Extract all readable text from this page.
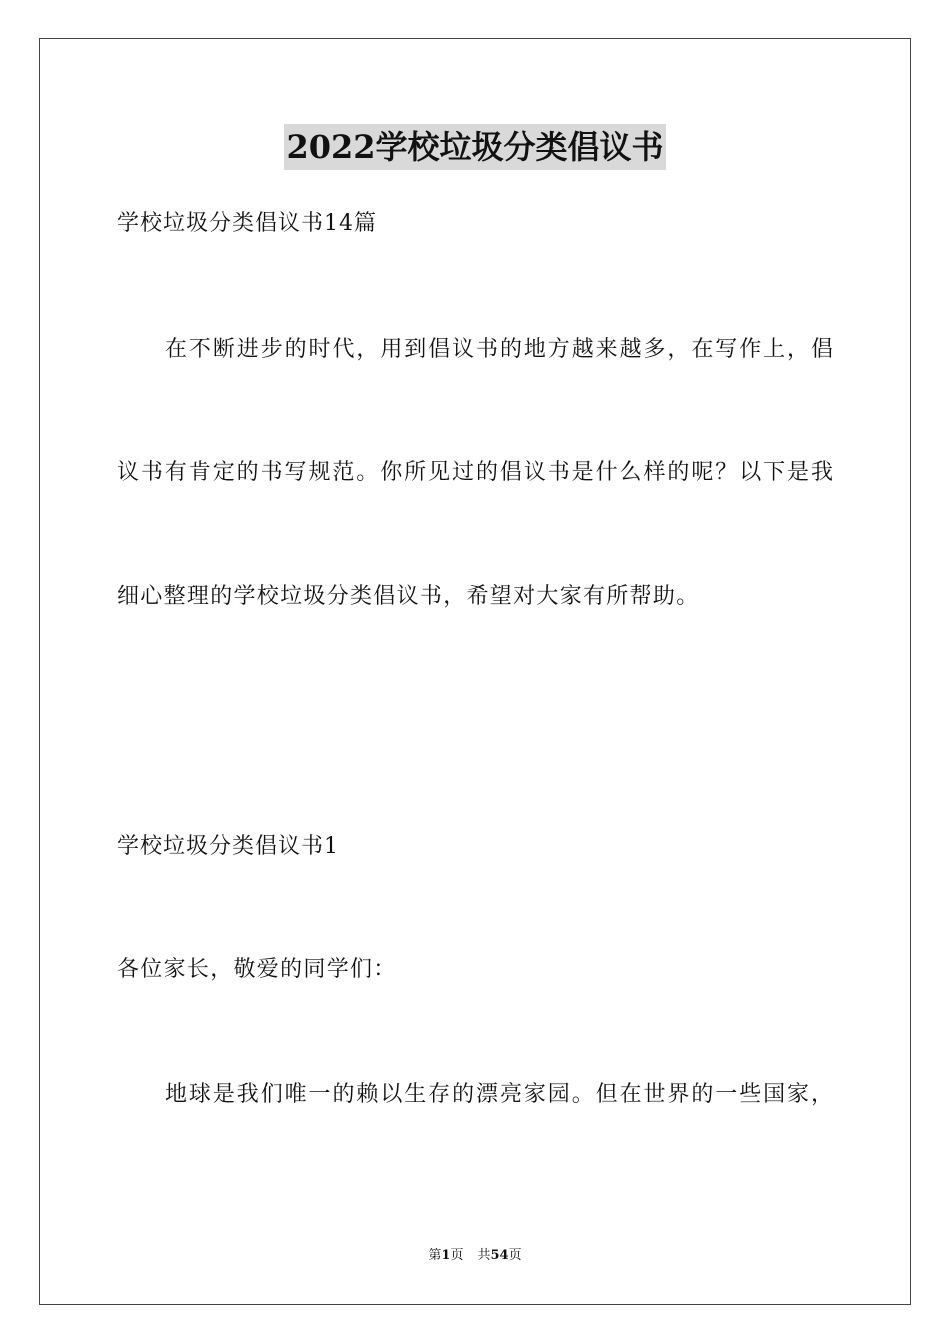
2022学校垃圾分类倡议书
学校垃圾分类倡议书14篇
在不断进步的时代，用到倡议书的地方越来越多，在写作上，倡
议书有肯定的书写规范。你所见过的倡议书是什么样的呢？以下是我
细心整理的学校垃圾分类倡议书，希望对大家有所帮助。
学校垃圾分类倡议书1
各位家长，敬爱的同学们：
地球是我们唯一的赖以生存的漂亮家园。但在世界的一些国家，
第1页 共54页
